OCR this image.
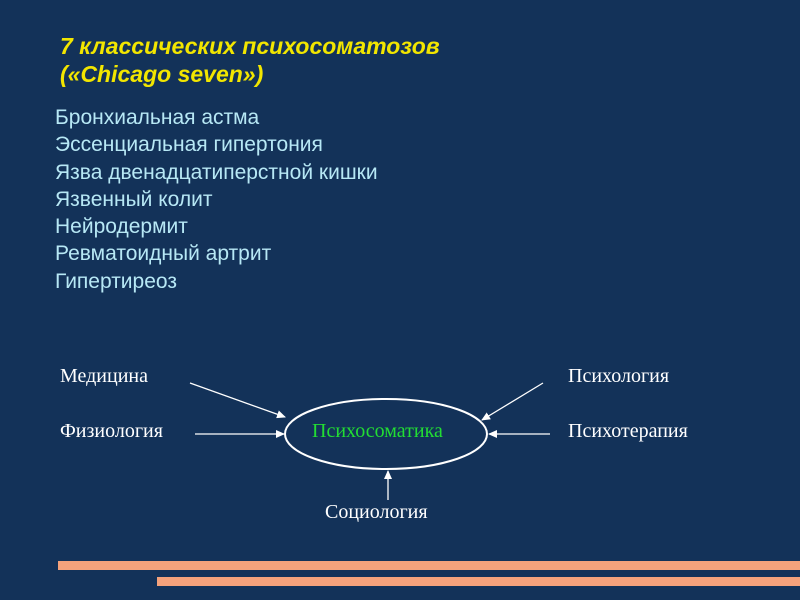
7 классических психосоматозов
(«Chicago seven»)
Бронхиальная астма
Эссенциальная гипертония
Язва двенадцатиперстной кишки
Язвенный колит
Нейродермит
Ревматоидный артрит
Гипертиреоз
Медицина
Физиология
Психология
Психотерапия
Социология
Психосоматика
